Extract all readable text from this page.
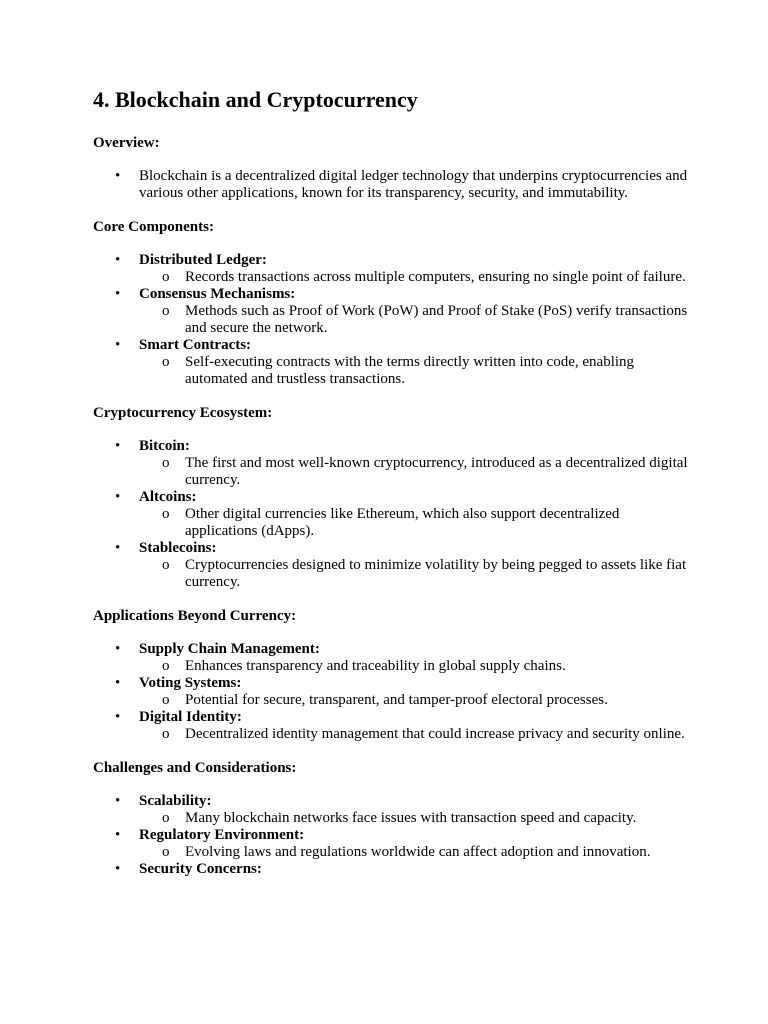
4. Blockchain and Cryptocurrency
Overview:
• Blockchain is a decentralized digital ledger technology that underpins cryptocurrencies and various other applications, known for its transparency, security, and immutability.
Core Components:
• Distributed Ledger:
o Records transactions across multiple computers, ensuring no single point of failure.
• Consensus Mechanisms:
o Methods such as Proof of Work (PoW) and Proof of Stake (PoS) verify transactions and secure the network.
• Smart Contracts:
o Self-executing contracts with the terms directly written into code, enabling automated and trustless transactions.
Cryptocurrency Ecosystem:
• Bitcoin:
o The first and most well-known cryptocurrency, introduced as a decentralized digital currency.
• Altcoins:
o Other digital currencies like Ethereum, which also support decentralized applications (dApps).
• Stablecoins:
o Cryptocurrencies designed to minimize volatility by being pegged to assets like fiat currency.
Applications Beyond Currency:
• Supply Chain Management:
o Enhances transparency and traceability in global supply chains.
• Voting Systems:
o Potential for secure, transparent, and tamper-proof electoral processes.
• Digital Identity:
o Decentralized identity management that could increase privacy and security online.
Challenges and Considerations:
• Scalability:
o Many blockchain networks face issues with transaction speed and capacity.
• Regulatory Environment:
o Evolving laws and regulations worldwide can affect adoption and innovation.
• Security Concerns:
